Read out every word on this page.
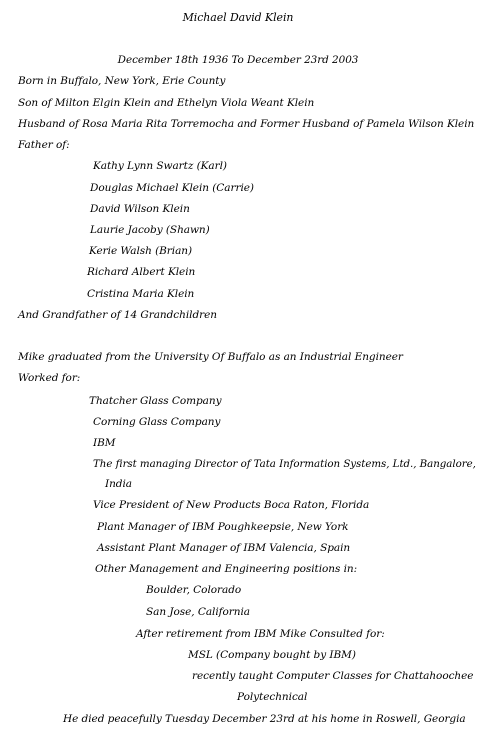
Michael David Klein
December 18th 1936 To December 23rd 2003
Born in Buffalo, New York, Erie County
Son of Milton Elgin Klein and Ethelyn Viola Weant Klein
Husband of Rosa Maria Rita Torremocha and Former Husband of Pamela Wilson Klein
Father of:
Kathy Lynn Swartz (Karl)
Douglas Michael Klein (Carrie)
David Wilson Klein
Laurie Jacoby (Shawn)
Kerie Walsh (Brian)
Richard Albert Klein
Cristina Maria Klein
And Grandfather of 14 Grandchildren
Mike graduated from the University Of Buffalo as an Industrial Engineer
Worked for:
Thatcher Glass Company
Corning Glass Company
IBM
The first managing Director of Tata Information Systems, Ltd., Bangalore,
India
Vice President of New Products Boca Raton, Florida
Plant Manager of IBM Poughkeepsie, New York
Assistant Plant Manager of IBM Valencia, Spain
Other Management and Engineering positions in:
Boulder, Colorado
San Jose, California
After retirement from IBM Mike Consulted for:
MSL (Company bought by IBM)
recently taught Computer Classes for Chattahoochee
Polytechnical
He died peacefully Tuesday December 23rd at his home in Roswell, Georgia
